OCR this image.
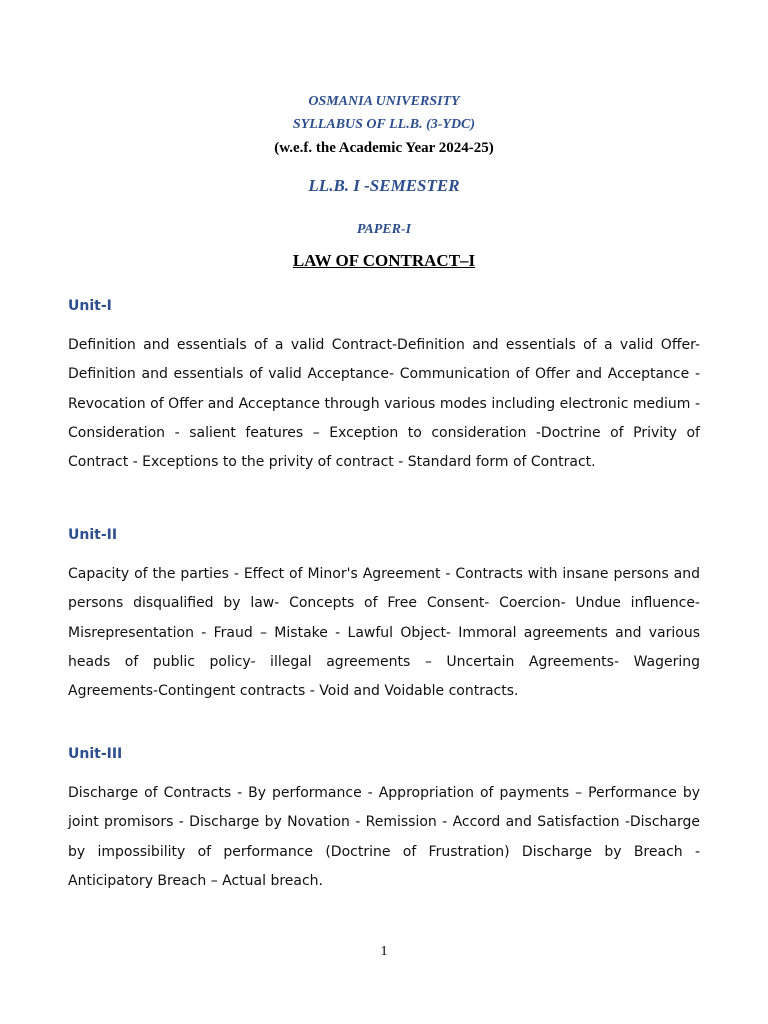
OSMANIA UNIVERSITY
SYLLABUS OF LL.B. (3-YDC)
(w.e.f. the Academic Year 2024-25)
LL.B. I -SEMESTER
PAPER-I
LAW OF CONTRACT–I
Unit-I
Definition and essentials of a valid Contract-Definition and essentials of a valid Offer- Definition and essentials of valid Acceptance- Communication of Offer and Acceptance - Revocation of Offer and Acceptance through various modes including electronic medium - Consideration - salient features – Exception to consideration -Doctrine of Privity of Contract - Exceptions to the privity of contract - Standard form of Contract.
Unit-II
Capacity of the parties - Effect of Minor's Agreement - Contracts with insane persons and persons disqualified by law- Concepts of Free Consent- Coercion- Undue influence- Misrepresentation - Fraud – Mistake - Lawful Object- Immoral agreements and various heads of public policy- illegal agreements – Uncertain Agreements- Wagering Agreements-Contingent contracts - Void and Voidable contracts.
Unit-III
Discharge of Contracts - By performance - Appropriation of payments – Performance by joint promisors - Discharge by Novation - Remission - Accord and Satisfaction -Discharge by impossibility of performance (Doctrine of Frustration) Discharge by Breach -Anticipatory Breach – Actual breach.
1
